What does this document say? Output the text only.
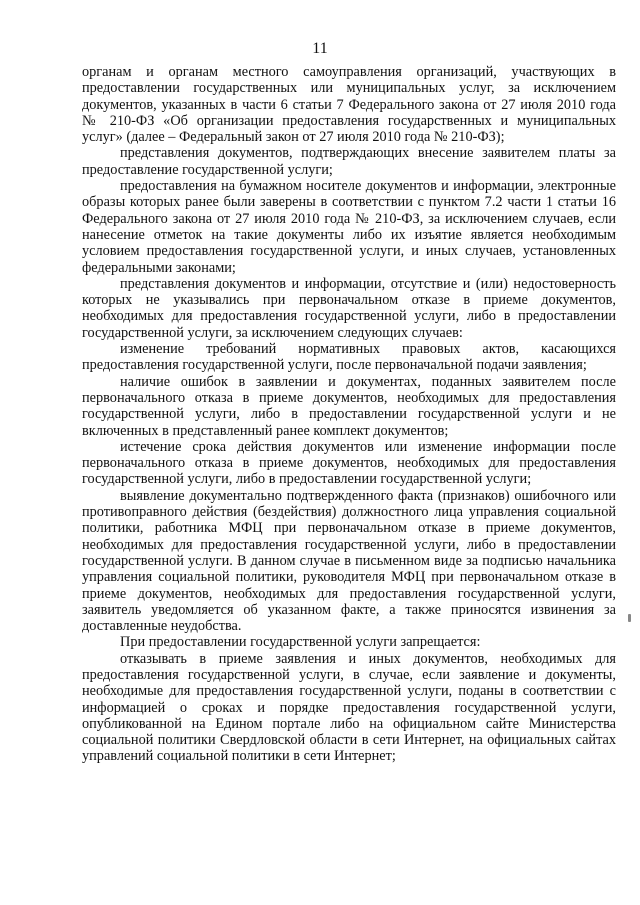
11

органам и органам местного самоуправления организаций, участвующих в предоставлении государственных или муниципальных услуг, за исключением документов, указанных в части 6 статьи 7 Федерального закона от 27 июля 2010 года № 210-ФЗ «Об организации предоставления государственных и муниципальных услуг» (далее – Федеральный закон от 27 июля 2010 года № 210-ФЗ);

представления документов, подтверждающих внесение заявителем платы за предоставление государственной услуги;

предоставления на бумажном носителе документов и информации, электронные образы которых ранее были заверены в соответствии с пунктом 7.2 части 1 статьи 16 Федерального закона от 27 июля 2010 года № 210-ФЗ, за исключением случаев, если нанесение отметок на такие документы либо их изъятие является необходимым условием предоставления государственной услуги, и иных случаев, установленных федеральными законами;

представления документов и информации, отсутствие и (или) недостоверность которых не указывались при первоначальном отказе в приеме документов, необходимых для предоставления государственной услуги, либо в предоставлении государственной услуги, за исключением следующих случаев:

изменение требований нормативных правовых актов, касающихся предоставления государственной услуги, после первоначальной подачи заявления;

наличие ошибок в заявлении и документах, поданных заявителем после первоначального отказа в приеме документов, необходимых для предоставления государственной услуги, либо в предоставлении государственной услуги и не включенных в представленный ранее комплект документов;

истечение срока действия документов или изменение информации после первоначального отказа в приеме документов, необходимых для предоставления государственной услуги, либо в предоставлении государственной услуги;

выявление документально подтвержденного факта (признаков) ошибочного или противоправного действия (бездействия) должностного лица управления социальной политики, работника МФЦ при первоначальном отказе в приеме документов, необходимых для предоставления государственной услуги, либо в предоставлении государственной услуги. В данном случае в письменном виде за подписью начальника управления социальной политики, руководителя МФЦ при первоначальном отказе в приеме документов, необходимых для предоставления государственной услуги, заявитель уведомляется об указанном факте, а также приносятся извинения за доставленные неудобства.

При предоставлении государственной услуги запрещается:

отказывать в приеме заявления и иных документов, необходимых для предоставления государственной услуги, в случае, если заявление и документы, необходимые для предоставления государственной услуги, поданы в соответствии с информацией о сроках и порядке предоставления государственной услуги, опубликованной на Едином портале либо на официальном сайте Министерства социальной политики Свердловской области в сети Интернет, на официальных сайтах управлений социальной политики в сети Интернет;
